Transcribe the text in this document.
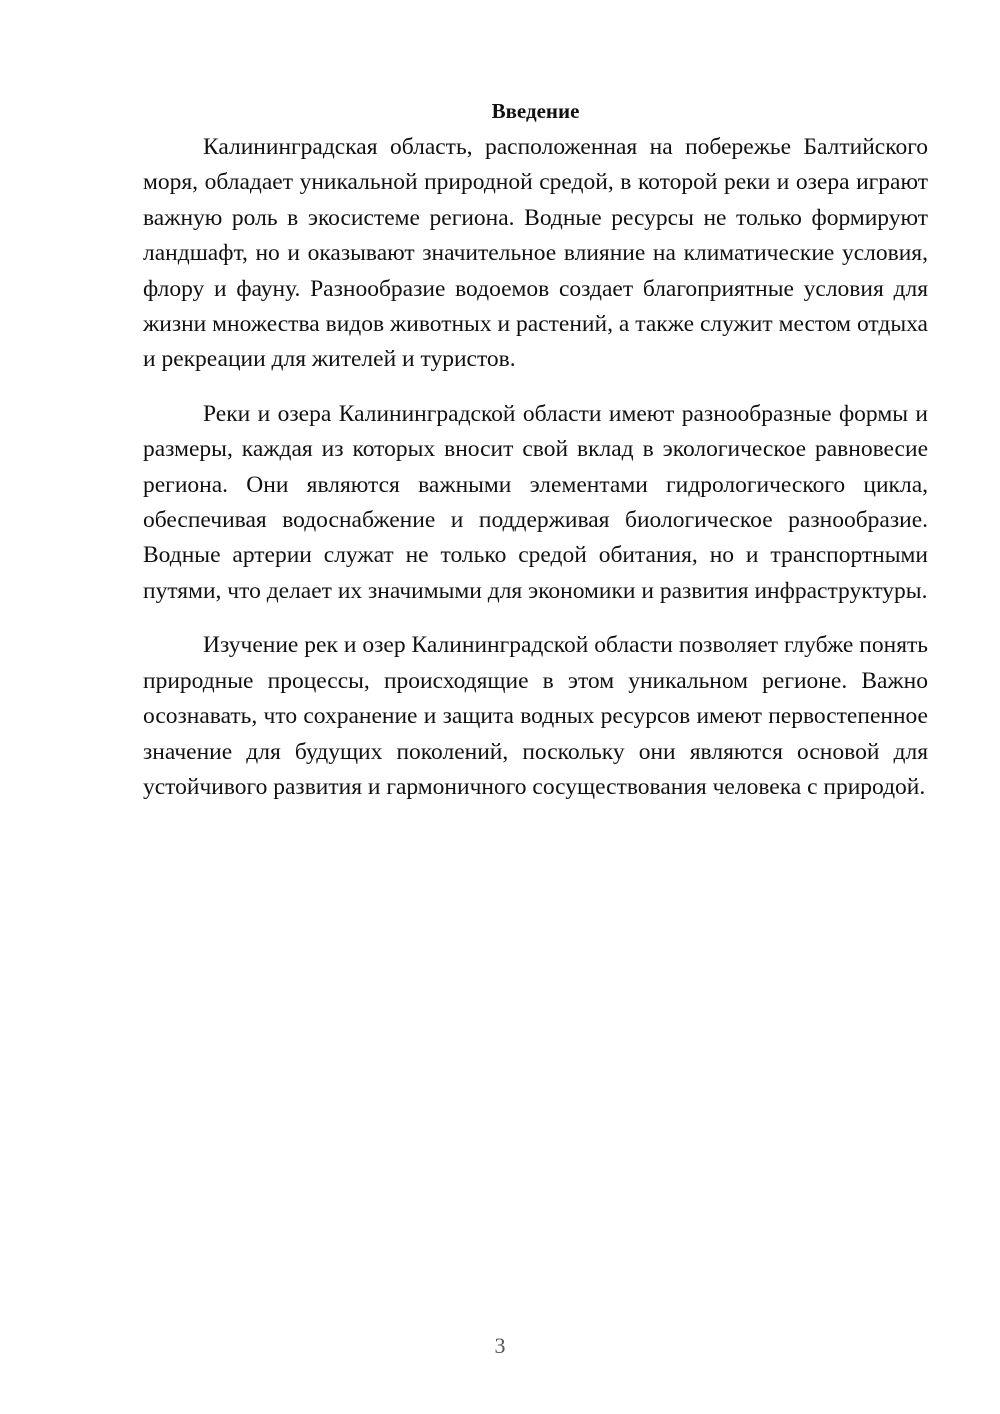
Введение

Калининградская область, расположенная на побережье Балтийского моря, обладает уникальной природной средой, в которой реки и озера играют важную роль в экосистеме региона. Водные ресурсы не только формируют ландшафт, но и оказывают значительное влияние на климатические условия, флору и фауну. Разнообразие водоемов создает благоприятные условия для жизни множества видов животных и растений, а также служит местом отдыха и рекреации для жителей и туристов.

Реки и озера Калининградской области имеют разнообразные формы и размеры, каждая из которых вносит свой вклад в экологическое равновесие региона. Они являются важными элементами гидрологического цикла, обеспечивая водоснабжение и поддерживая биологическое разнообразие. Водные артерии служат не только средой обитания, но и транспортными путями, что делает их значимыми для экономики и развития инфраструктуры.

Изучение рек и озер Калининградской области позволяет глубже понять природные процессы, происходящие в этом уникальном регионе. Важно осознавать, что сохранение и защита водных ресурсов имеют первостепенное значение для будущих поколений, поскольку они являются основой для устойчивого развития и гармоничного сосуществования человека с природой.

3
